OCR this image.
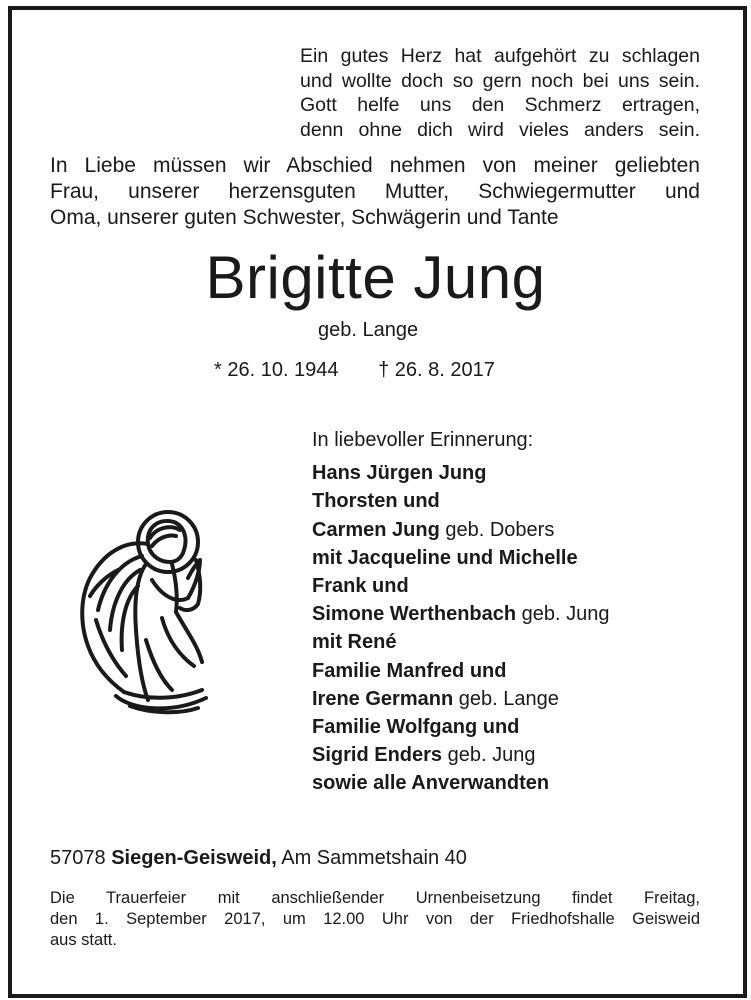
Ein gutes Herz hat aufgehört zu schlagen
und wollte doch so gern noch bei uns sein.
Gott helfe uns den Schmerz ertragen,
denn ohne dich wird vieles anders sein.
In Liebe müssen wir Abschied nehmen von meiner geliebten
Frau, unserer herzensguten Mutter, Schwiegermutter und
Oma, unserer guten Schwester, Schwägerin und Tante
Brigitte Jung
geb. Lange
* 26. 10. 1944 † 26. 8. 2017
In liebevoller Erinnerung:
Hans Jürgen Jung
Thorsten und
Carmen Jung geb. Dobers
mit Jacqueline und Michelle
Frank und
Simone Werthenbach geb. Jung
mit René
Familie Manfred und
Irene Germann geb. Lange
Familie Wolfgang und
Sigrid Enders geb. Jung
sowie alle Anverwandten
57078 Siegen-Geisweid, Am Sammetshain 40
Die Trauerfeier mit anschließender Urnenbeisetzung findet Freitag,
den 1. September 2017, um 12.00 Uhr von der Friedhofshalle Geisweid
aus statt.
